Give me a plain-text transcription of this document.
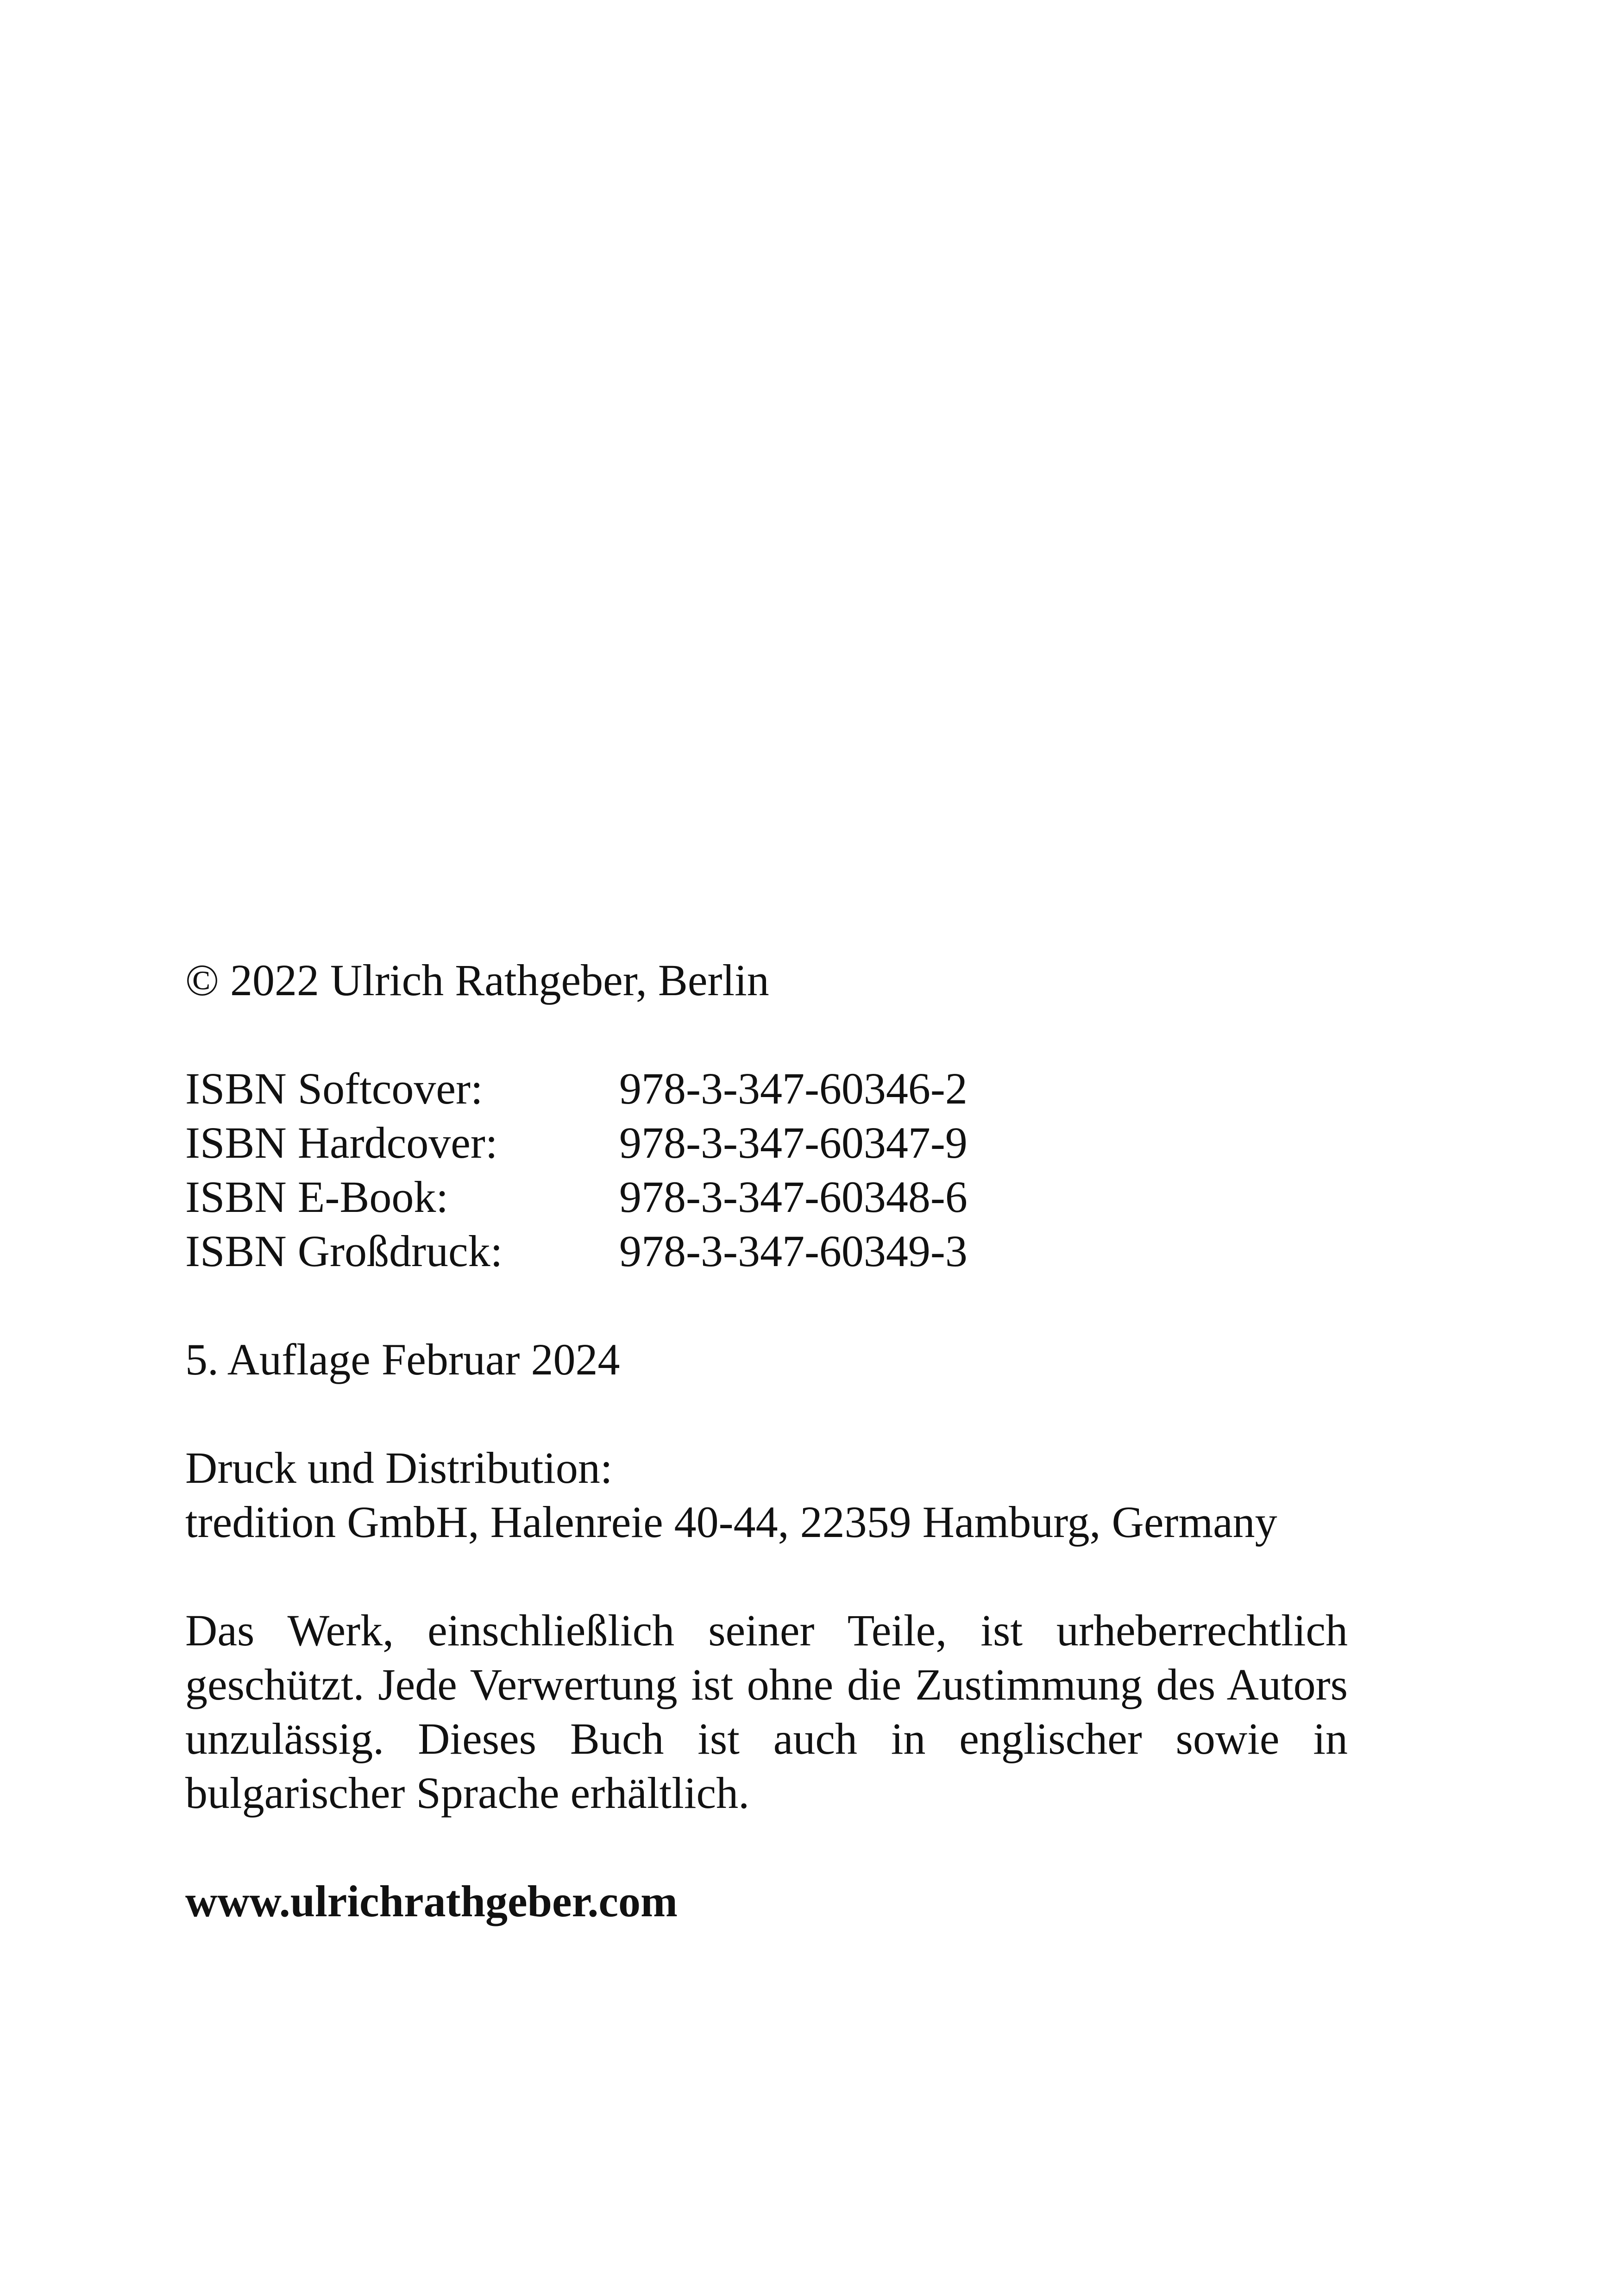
© 2022 Ulrich Rathgeber, Berlin

ISBN Softcover:	978-3-347-60346-2
ISBN Hardcover:	978-3-347-60347-9
ISBN E-Book:	978-3-347-60348-6
ISBN Großdruck:	978-3-347-60349-3

5. Auflage Februar 2024

Druck und Distribution:

tredition GmbH, Halenreie 40-44, 22359 Hamburg, Germany

Das Werk, einschließlich seiner Teile, ist urheberrechtlich geschützt. Jede Verwertung ist ohne die Zustimmung des Autors unzulässig. Dieses Buch ist auch in englischer sowie in bulgarischer Sprache erhältlich.

www.ulrichrathgeber.com
